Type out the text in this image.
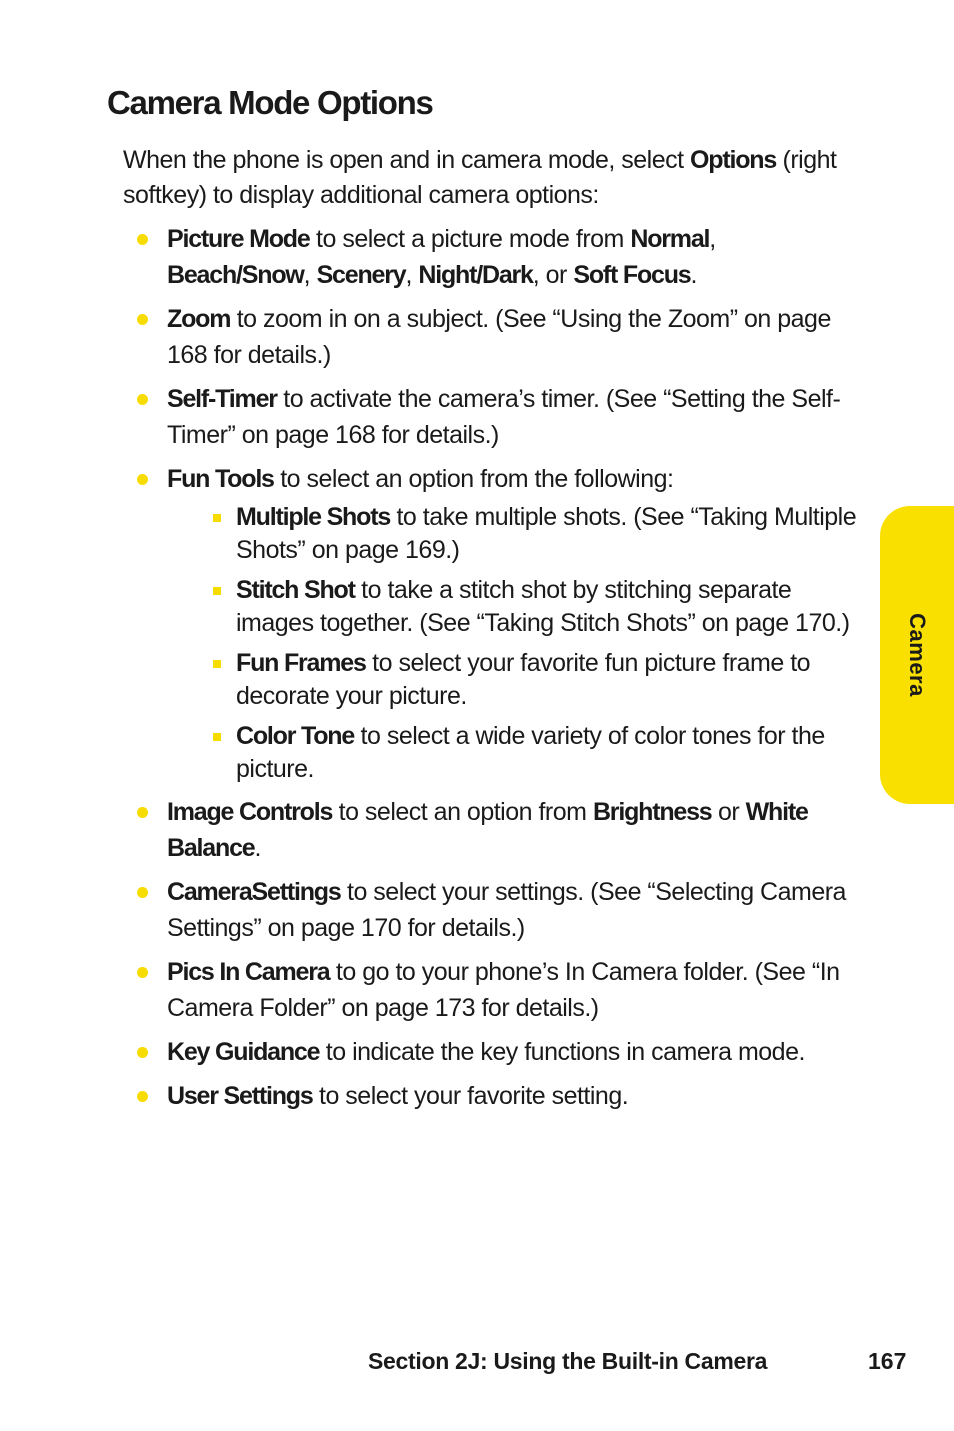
Camera Mode Options

When the phone is open and in camera mode, select Options (right softkey) to display additional camera options:

Picture Mode to select a picture mode from Normal, Beach/Snow, Scenery, Night/Dark, or Soft Focus.
Zoom to zoom in on a subject. (See “Using the Zoom” on page 168 for details.)
Self-Timer to activate the camera’s timer. (See “Setting the Self-Timer” on page 168 for details.)
Fun Tools to select an option from the following:
Multiple Shots to take multiple shots. (See “Taking Multiple Shots” on page 169.)
Stitch Shot to take a stitch shot by stitching separate images together. (See “Taking Stitch Shots” on page 170.)
Fun Frames to select your favorite fun picture frame to decorate your picture.
Color Tone to select a wide variety of color tones for the picture.
Image Controls to select an option from Brightness or White Balance.
CameraSettings to select your settings. (See “Selecting Camera Settings” on page 170 for details.)
Pics In Camera to go to your phone’s In Camera folder. (See “In Camera Folder” on page 173 for details.)
Key Guidance to indicate the key functions in camera mode.
User Settings to select your favorite setting.
Camera

Section 2J: Using the Built-in Camera	167
